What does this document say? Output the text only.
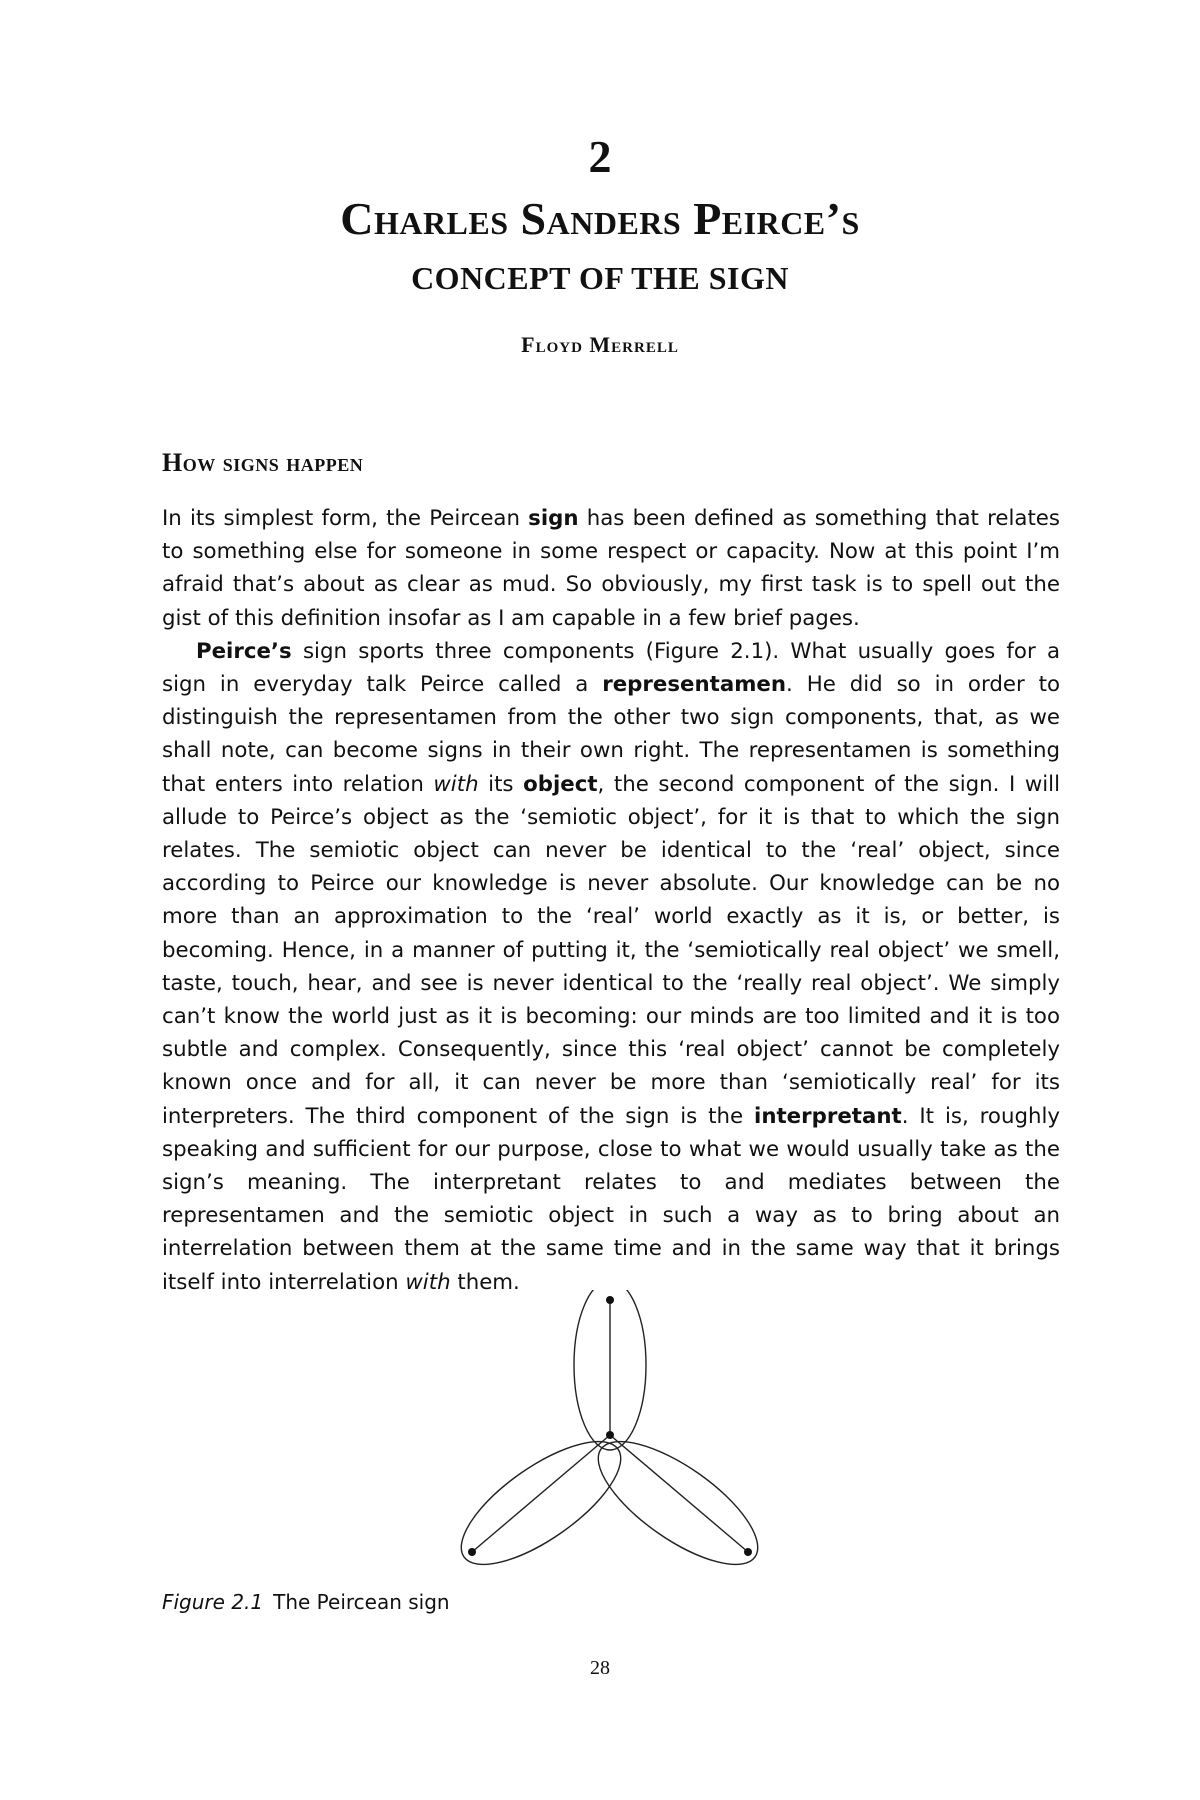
2
Charles Sanders Peirce’s
CONCEPT OF THE SIGN
Floyd Merrell
How signs happen

In its simplest form, the Peircean sign has been defined as something that relates to something else for someone in some respect or capacity. Now at this point I’m afraid that’s about as clear as mud. So obviously, my first task is to spell out the gist of this definition insofar as I am capable in a few brief pages.

Peirce’s sign sports three components (Figure 2.1). What usually goes for a sign in everyday talk Peirce called a representamen. He did so in order to distinguish the representamen from the other two sign components, that, as we shall note, can become signs in their own right. The representamen is something that enters into relation with its object, the second component of the sign. I will allude to Peirce’s object as the ‘semiotic object’, for it is that to which the sign relates. The semiotic object can never be identical to the ‘real’ object, since according to Peirce our knowledge is never absolute. Our knowledge can be no more than an approximation to the ‘real’ world exactly as it is, or better, is becoming. Hence, in a manner of putting it, the ‘semiotically real object’ we smell, taste, touch, hear, and see is never identical to the ‘really real object’. We simply can’t know the world just as it is becoming: our minds are too limited and it is too subtle and complex. Consequently, since this ‘real object’ cannot be completely known once and for all, it can never be more than ‘semiotically real’ for its interpreters. The third component of the sign is the interpretant. It is, roughly speaking and sufficient for our purpose, close to what we would usually take as the sign’s meaning. The interpretant relates to and mediates between the representamen and the semiotic object in such a way as to bring about an interrelation between them at the same time and in the same way that it brings itself into interrelation with them.

Figure 2.1 The Peircean sign
28
